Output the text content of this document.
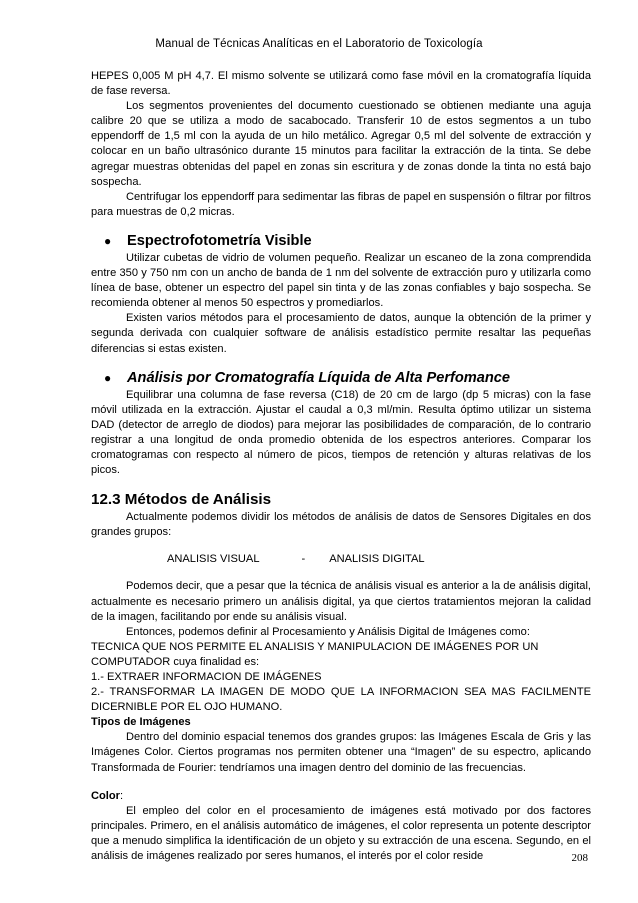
Manual de Técnicas Analíticas en el Laboratorio de Toxicología

HEPES 0,005 M pH 4,7. El mismo solvente se utilizará como fase móvil en la cromatografía líquida de fase reversa.

Los segmentos provenientes del documento cuestionado se obtienen mediante una aguja calibre 20 que se utiliza a modo de sacabocado. Transferir 10 de estos segmentos a un tubo eppendorff de 1,5 ml con la ayuda de un hilo metálico. Agregar 0,5 ml del solvente de extracción y colocar en un baño ultrasónico durante 15 minutos para facilitar la extracción de la tinta. Se debe agregar muestras obtenidas del papel en zonas sin escritura y de zonas donde la tinta no está bajo sospecha.

Centrifugar los eppendorff para sedimentar las fibras de papel en suspensión o filtrar por filtros para muestras de 0,2 micras.

●	Espectrofotometría Visible

Utilizar cubetas de vidrio de volumen pequeño. Realizar un escaneo de la zona comprendida entre 350 y 750 nm con un ancho de banda de 1 nm del solvente de extracción puro y utilizarla como línea de base, obtener un espectro del papel sin tinta y de las zonas confiables y bajo sospecha. Se recomienda obtener al menos 50 espectros y promediarlos.

Existen varios métodos para el procesamiento de datos, aunque la obtención de la primer y segunda derivada con cualquier software de análisis estadístico permite resaltar las pequeñas diferencias si estas existen.

●	Análisis por Cromatografía Líquida de Alta Perfomance

Equilibrar una columna de fase reversa (C18) de 20 cm de largo (dp 5 micras) con la fase móvil utilizada en la extracción. Ajustar el caudal a 0,3 ml/min. Resulta óptimo utilizar un sistema DAD (detector de arreglo de diodos) para mejorar las posibilidades de comparación, de lo contrario registrar a una longitud de onda promedio obtenida de los espectros anteriores. Comparar los cromatogramas con respecto al número de picos, tiempos de retención y alturas relativas de los picos.

12.3 Métodos de Análisis

Actualmente podemos dividir los métodos de análisis de datos de Sensores Digitales en dos grandes grupos:

ANALISIS VISUAL	- ANALISIS DIGITAL

Podemos decir, que a pesar que la técnica de análisis visual es anterior a la de análisis digital, actualmente es necesario primero un análisis digital, ya que ciertos tratamientos mejoran la calidad de la imagen, facilitando por ende su análisis visual.

Entonces, podemos definir al Procesamiento y Análisis Digital de Imágenes como:

TECNICA QUE NOS PERMITE EL ANALISIS Y MANIPULACION DE IMÁGENES POR UN COMPUTADOR cuya finalidad es:

1.- EXTRAER INFORMACION DE IMÁGENES

2.- TRANSFORMAR LA IMAGEN DE MODO QUE LA INFORMACION SEA MAS FACILMENTE DICERNIBLE POR EL OJO HUMANO.

Tipos de Imágenes

Dentro del dominio espacial tenemos dos grandes grupos: las Imágenes Escala de Gris y las Imágenes Color. Ciertos programas nos permiten obtener una “Imagen” de su espectro, aplicando Transformada de Fourier: tendríamos una imagen dentro del dominio de las frecuencias.

Color:

El empleo del color en el procesamiento de imágenes está motivado por dos factores principales. Primero, en el análisis automático de imágenes, el color representa un potente descriptor que a menudo simplifica la identificación de un objeto y su extracción de una escena. Segundo, en el análisis de imágenes realizado por seres humanos, el interés por el color reside	208
